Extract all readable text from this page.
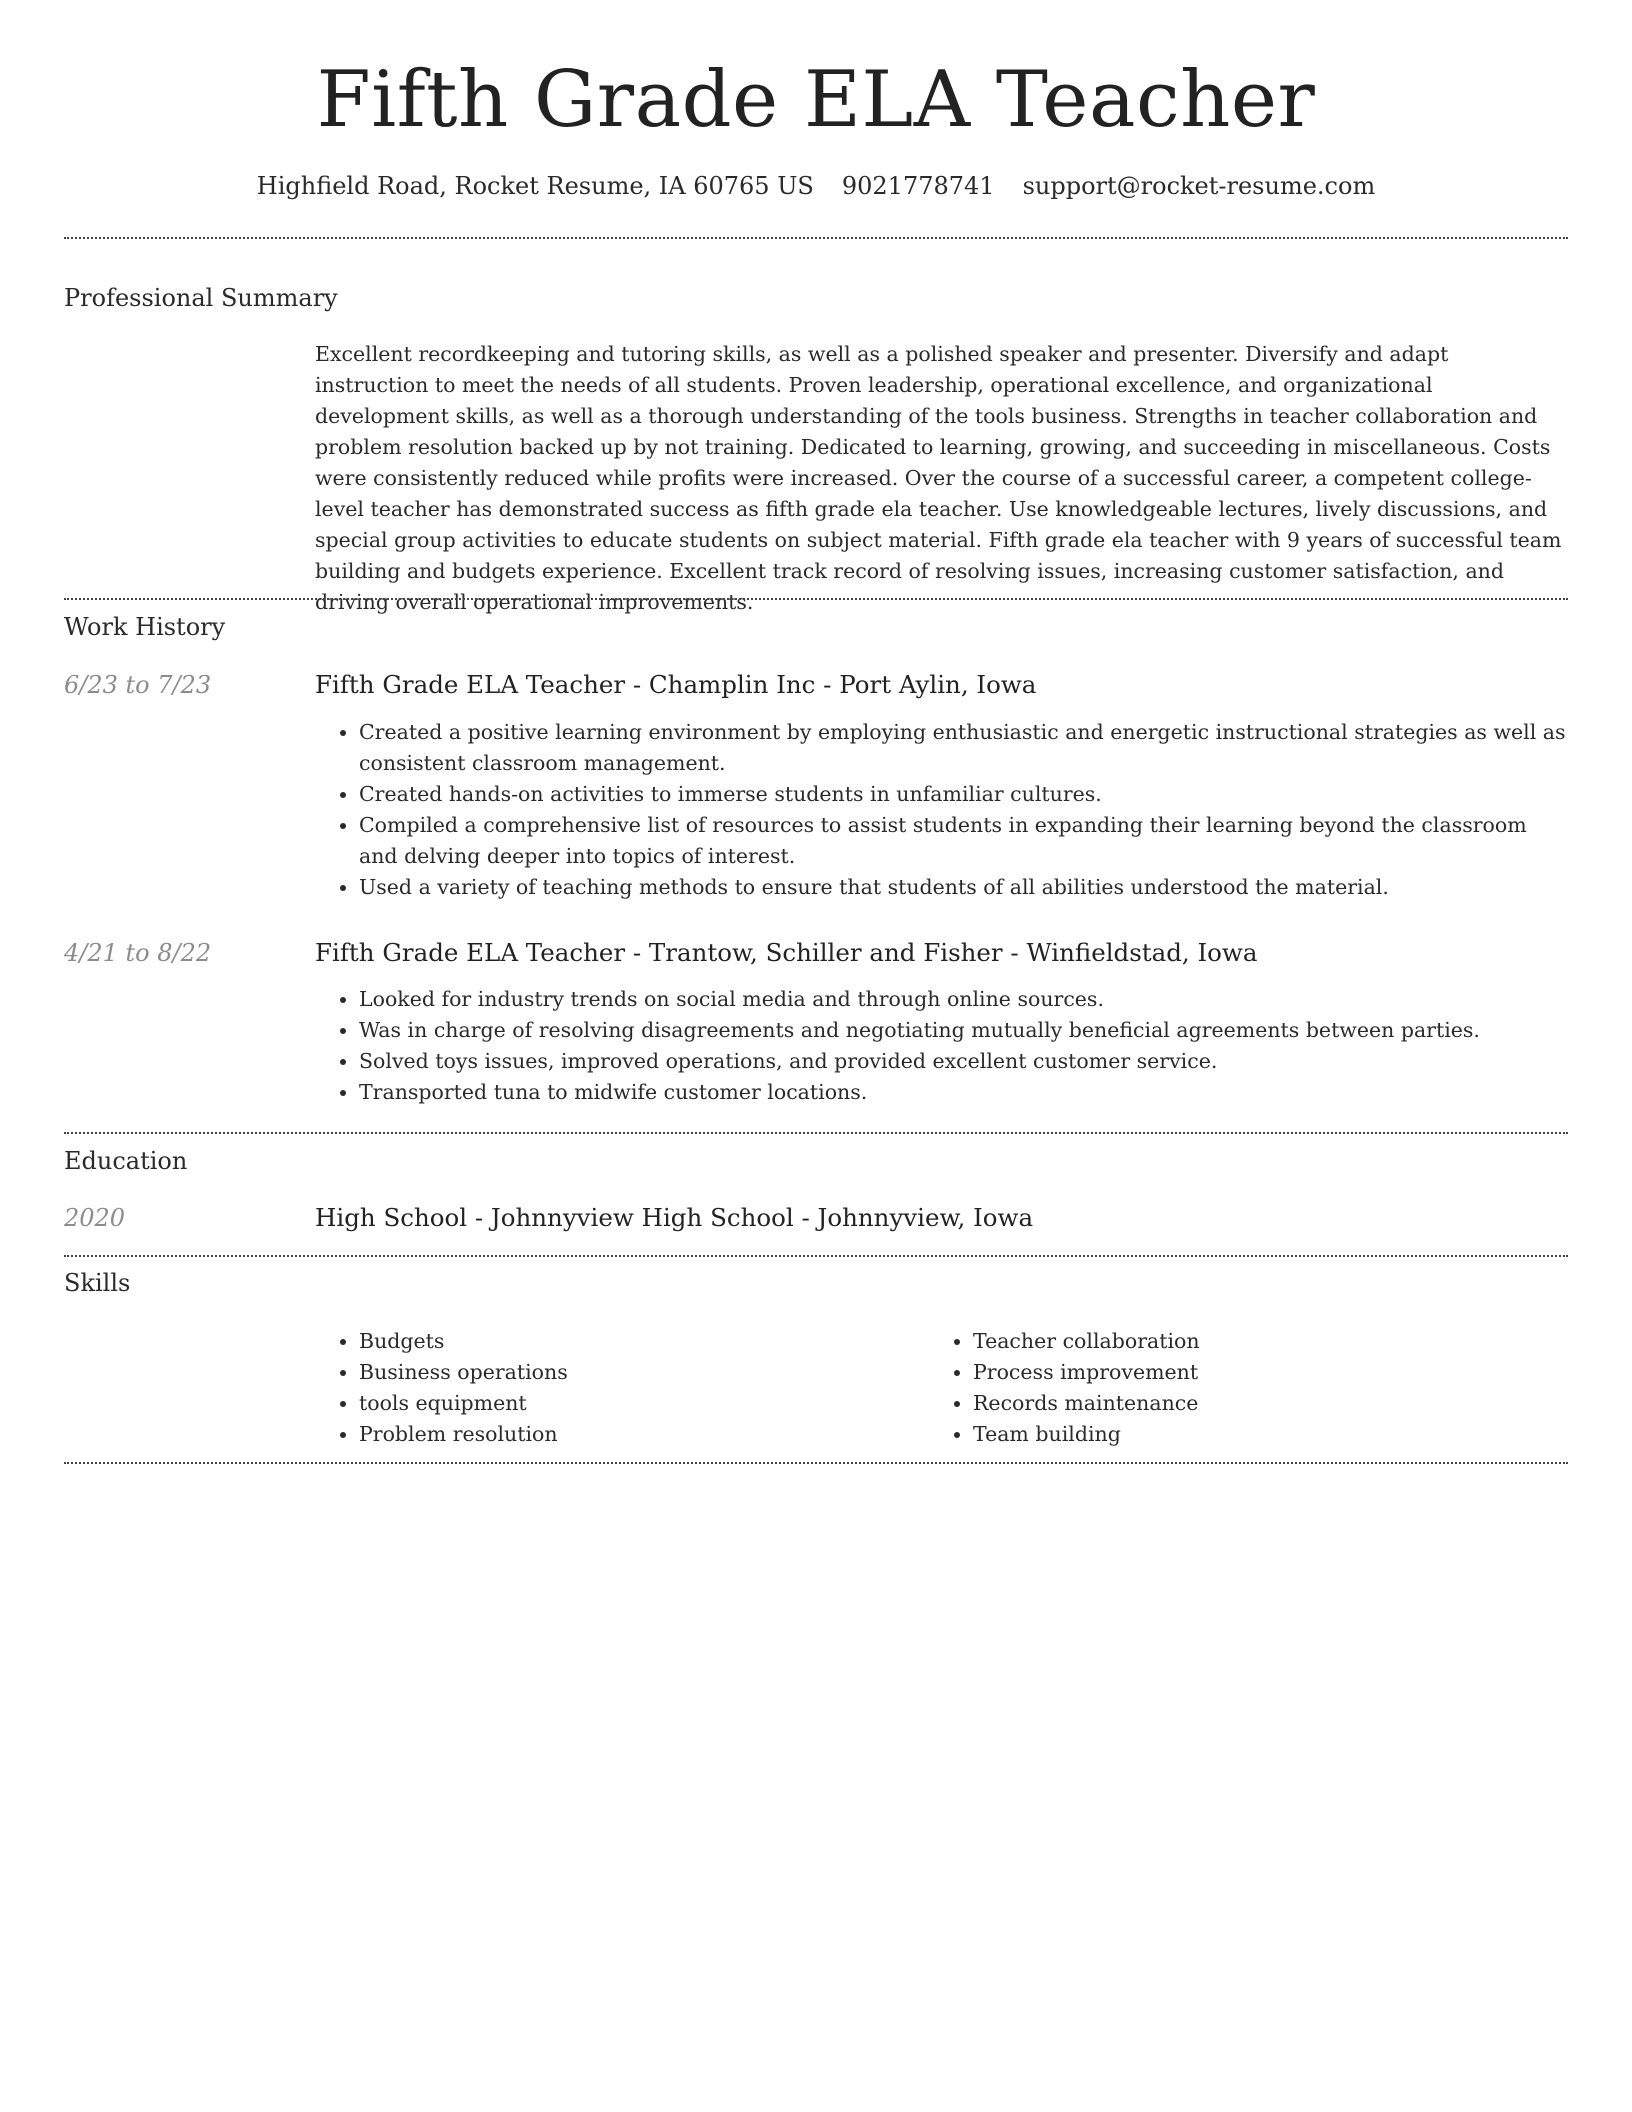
Fifth Grade ELA Teacher
Highfield Road, Rocket Resume, IA 60765 US 9021778741 support@rocket-resume.com
Professional Summary

Excellent recordkeeping and tutoring skills, as well as a polished speaker and presenter. Diversify and adapt instruction to meet the needs of all students. Proven leadership, operational excellence, and organizational development skills, as well as a thorough understanding of the tools business. Strengths in teacher collaboration and problem resolution backed up by not training. Dedicated to learning, growing, and succeeding in miscellaneous. Costs were consistently reduced while profits were increased. Over the course of a successful career, a competent college-level teacher has demonstrated success as fifth grade ela teacher. Use knowledgeable lectures, lively discussions, and special group activities to educate students on subject material. Fifth grade ela teacher with 9 years of successful team building and budgets experience. Excellent track record of resolving issues, increasing customer satisfaction, and driving overall operational improvements.

Work History
6/23 to 7/23	Fifth Grade ELA Teacher - Champlin Inc - Port Aylin, Iowa

• Created a positive learning environment by employing enthusiastic and energetic instructional strategies as well as consistent classroom management.
• Created hands-on activities to immerse students in unfamiliar cultures.
• Compiled a comprehensive list of resources to assist students in expanding their learning beyond the classroom and delving deeper into topics of interest.
• Used a variety of teaching methods to ensure that students of all abilities understood the material.
4/21 to 8/22	Fifth Grade ELA Teacher - Trantow, Schiller and Fisher - Winfieldstad, Iowa

• Looked for industry trends on social media and through online sources.
• Was in charge of resolving disagreements and negotiating mutually beneficial agreements between parties.
• Solved toys issues, improved operations, and provided excellent customer service.
• Transported tuna to midwife customer locations.
Education
2020	High School - Johnnyview High School - Johnnyview, Iowa

Skills
• Budgets
• Business operations
• tools equipment
• Problem resolution
• Teacher collaboration
• Process improvement
• Records maintenance
• Team building
